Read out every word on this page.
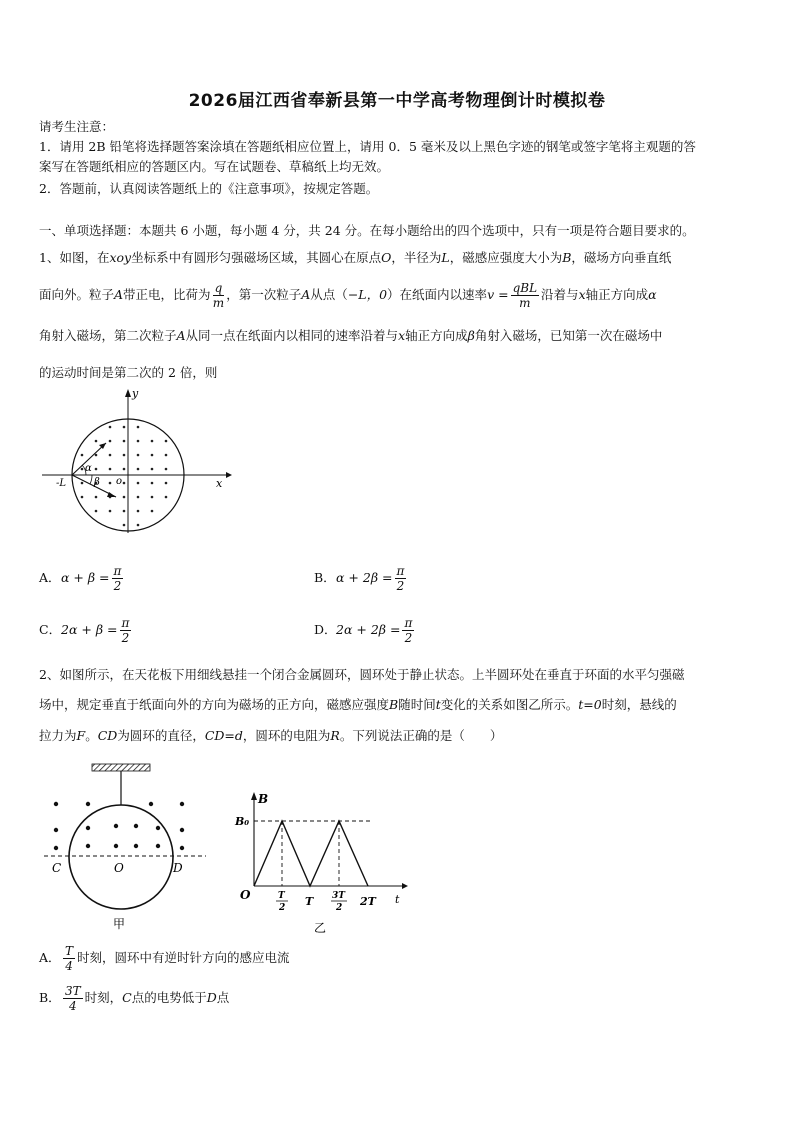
2026届江西省奉新县第一中学高考物理倒计时模拟卷
请考生注意：
1．请用 2B 铅笔将选择题答案涂填在答题纸相应位置上，请用 0．5 毫米及以上黑色字迹的钢笔或签字笔将主观题的答
案写在答题纸相应的答题区内。写在试题卷、草稿纸上均无效。
2．答题前，认真阅读答题纸上的《注意事项》，按规定答题。
一、单项选择题：本题共 6 小题，每小题 4 分，共 24 分。在每小题给出的四个选项中，只有一项是符合题目要求的。
1、如图，在xoy坐标系中有圆形匀强磁场区域，其圆心在原点O，半径为L，磁感应强度大小为B，磁场方向垂直纸
面向外。粒子A带正电，比荷为 $\frac{q}{m}$ ，第一次粒子A从点（−L，0）在纸面内以速率$v = \frac{\text{qBL}}{m}$ 沿着与x轴正方向成α
角射入磁场，第二次粒子A从同一点在纸面内以相同的速率沿着与x轴正方向成β角射入磁场，已知第一次在磁场中
的运动时间是第二次的 2 倍，则
y
x
o
-L
α
β
A．$\alpha + \beta = \frac{\pi}{2}$	B．$\alpha + 2\beta = \frac{\pi}{2}$
C．$2\alpha + \beta = \frac{\pi}{2}$	D．$2\alpha + 2\beta = \frac{\pi}{2}$
2、如图所示，在天花板下用细线悬挂一个闭合金属圆环，圆环处于静止状态。上半圆环处在垂直于环面的水平匀强磁
场中，规定垂直于纸面向外的方向为磁场的正方向，磁感应强度B随时间t变化的关系如图乙所示。t=0时刻，悬线的
拉力为F。CD为圆环的直径，CD=d，圆环的电阻为R。下列说法正确的是（　　）
C	O	D
甲
B
B₀
O	T
2 T 3T
2 2T t
乙
A． $\frac{T}{4}$ 时刻，圆环中有逆时针方向的感应电流
B． $\frac{3T}{4}$ 时刻，C点的电势低于D点
